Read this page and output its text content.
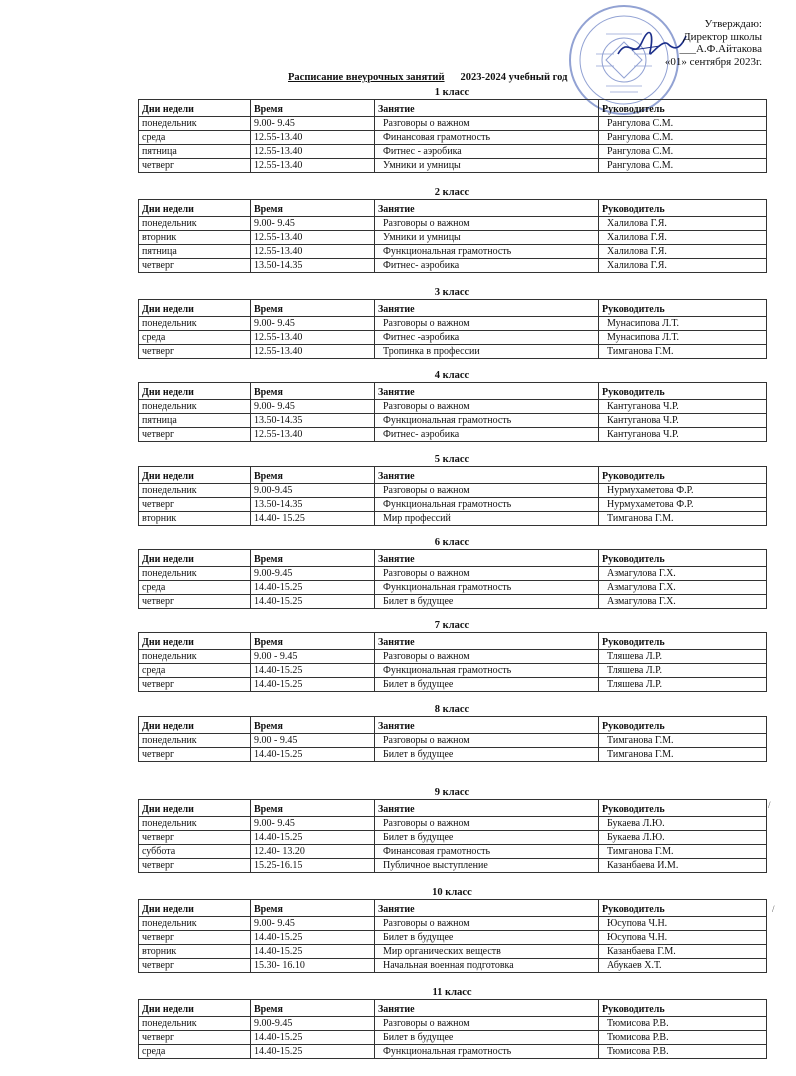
Утверждаю:
Директор школы
___А.Ф.Айтакова
«01» сентября 2023г.
Расписание внеурочных занятий 2023-2024 учебный год
1 класс
Дни недели	Время	Занятие	Руководитель
понедельник	9.00- 9.45	Разговоры о важном	Рангулова С.М.
среда	12.55-13.40	Финансовая грамотность	Рангулова С.М.
пятница	12.55-13.40	Фитнес - аэробика	Рангулова С.М.
четверг	12.55-13.40	Умники и умницы	Рангулова С.М.
2 класс
Дни недели	Время	Занятие	Руководитель
понедельник	9.00- 9.45	Разговоры о важном	Халилова Г.Я.
вторник	12.55-13.40	Умники и умницы	Халилова Г.Я.
пятница	12.55-13.40	Функциональная грамотность	Халилова Г.Я.
четверг	13.50-14.35	Фитнес- аэробика	Халилова Г.Я.
3 класс
Дни недели	Время	Занятие	Руководитель
понедельник	9.00- 9.45	Разговоры о важном	Мунасипова Л.Т.
среда	12.55-13.40	Фитнес -аэробика	Мунасипова Л.Т.
четверг	12.55-13.40	Тропинка в профессии	Тимганова Г.М.
4 класс
Дни недели	Время	Занятие	Руководитель
понедельник	9.00- 9.45	Разговоры о важном	Кантуганова Ч.Р.
пятница	13.50-14.35	Функциональная грамотность	Кантуганова Ч.Р.
четверг	12.55-13.40	Фитнес- аэробика	Кантуганова Ч.Р.
5 класс
Дни недели	Время	Занятие	Руководитель
понедельник	9.00-9.45	Разговоры о важном	Нурмухаметова Ф.Р.
четверг	13.50-14.35	Функциональная грамотность	Нурмухаметова Ф.Р.
вторник	14.40- 15.25	Мир профессий	Тимганова Г.М.
6 класс
Дни недели	Время	Занятие	Руководитель
понедельник	9.00-9.45	Разговоры о важном	Азмагулова Г.Х.
среда	14.40-15.25	Функциональная грамотность	Азмагулова Г.Х.
четверг	14.40-15.25	Билет в будущее	Азмагулова Г.Х.
7 класс
Дни недели	Время	Занятие	Руководитель
понедельник	9.00 - 9.45	Разговоры о важном	Тляшева Л.Р.
среда	14.40-15.25	Функциональная грамотность	Тляшева Л.Р.
четверг	14.40-15.25	Билет в будущее	Тляшева Л.Р.
8 класс
Дни недели	Время	Занятие	Руководитель
понедельник	9.00 - 9.45	Разговоры о важном	Тимганова Г.М.
четверг	14.40-15.25	Билет в будущее	Тимганова Г.М.
9 класс
Дни недели	Время	Занятие	Руководитель
понедельник	9.00- 9.45	Разговоры о важном	Букаева Л.Ю.
четверг	14.40-15.25	Билет в будущее	Букаева Л.Ю.
суббота	12.40- 13.20	Финансовая грамотность	Тимганова Г.М.
четверг	15.25-16.15	Публичное выступление	Казанбаева И.М.
10 класс
Дни недели	Время	Занятие	Руководитель
понедельник	9.00- 9.45	Разговоры о важном	Юсупова Ч.Н.
четверг	14.40-15.25	Билет в будущее	Юсупова Ч.Н.
вторник	14.40-15.25	Мир органических веществ	Казанбаева Г.М.
четверг	15.30- 16.10	Начальная военная подготовка	Абукаев Х.Т.
11 класс
Дни недели	Время	Занятие	Руководитель
понедельник	9.00-9.45	Разговоры о важном	Тюмисова Р.В.
четверг	14.40-15.25	Билет в будущее	Тюмисова Р.В.
среда	14.40-15.25	Функциональная грамотность	Тюмисова Р.В.
/
/
